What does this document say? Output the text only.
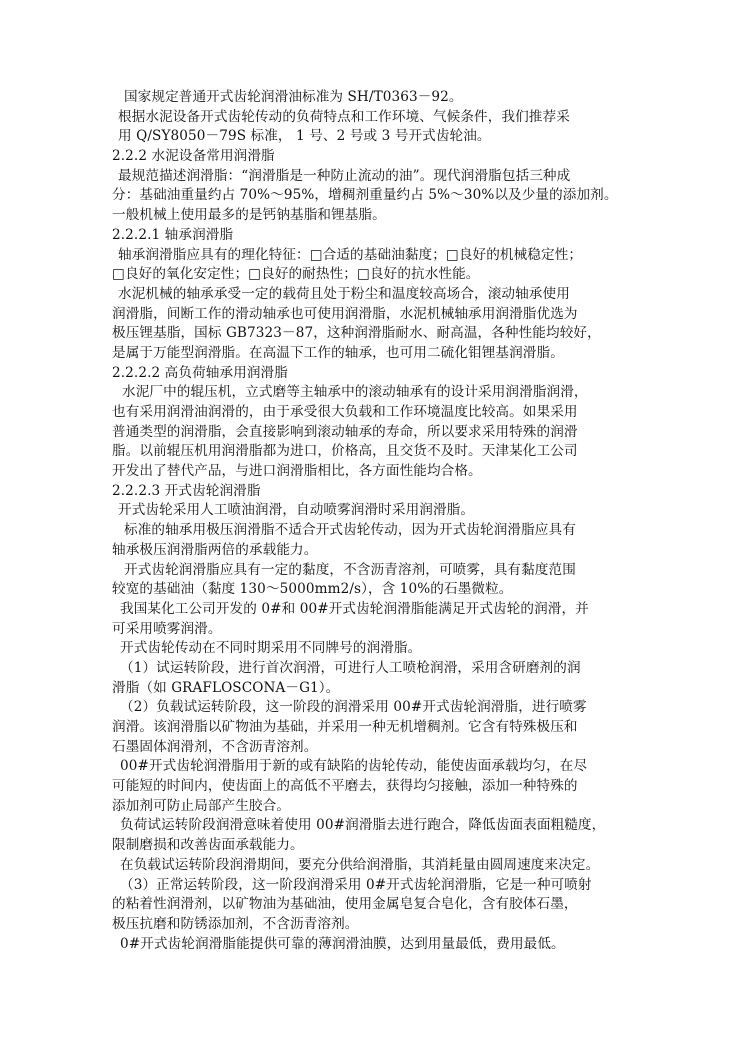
国家规定普通开式齿轮润滑油标准为 SH/T0363－92。
根据水泥设备开式齿轮传动的负荷特点和工作环境、气候条件，我们推荐采
用 Q/SY8050－79S 标准， 1 号、2 号或 3 号开式齿轮油。
2.2.2 水泥设备常用润滑脂
最规范描述润滑脂：“润滑脂是一种防止流动的油”。现代润滑脂包括三种成
分：基础油重量约占 70%～95%，增稠剂重量约占 5%～30%以及少量的添加剂。
一般机械上使用最多的是钙钠基脂和锂基脂。
2.2.2.1 轴承润滑脂
轴承润滑脂应具有的理化特征：□合适的基础油黏度；□良好的机械稳定性；
□良好的氧化安定性；□良好的耐热性；□良好的抗水性能。
水泥机械的轴承承受一定的载荷且处于粉尘和温度较高场合，滚动轴承使用
润滑脂，间断工作的滑动轴承也可使用润滑脂，水泥机械轴承用润滑脂优选为
极压锂基脂，国标 GB7323－87，这种润滑脂耐水、耐高温，各种性能均较好，
是属于万能型润滑脂。在高温下工作的轴承，也可用二硫化钼锂基润滑脂。
2.2.2.2 高负荷轴承用润滑脂
水泥厂中的辊压机，立式磨等主轴承中的滚动轴承有的设计采用润滑脂润滑，
也有采用润滑油润滑的，由于承受很大负载和工作环境温度比较高。如果采用
普通类型的润滑脂，会直接影响到滚动轴承的寿命，所以要求采用特殊的润滑
脂。以前辊压机用润滑脂都为进口，价格高，且交货不及时。天津某化工公司
开发出了替代产品，与进口润滑脂相比，各方面性能均合格。
2.2.2.3 开式齿轮润滑脂
开式齿轮采用人工喷油润滑，自动喷雾润滑时采用润滑脂。
标准的轴承用极压润滑脂不适合开式齿轮传动，因为开式齿轮润滑脂应具有
轴承极压润滑脂两倍的承载能力。
开式齿轮润滑脂应具有一定的黏度，不含沥青溶剂，可喷雾，具有黏度范围
较宽的基础油（黏度 130～5000mm2/s），含 10%的石墨微粒。
我国某化工公司开发的 0#和 00#开式齿轮润滑脂能满足开式齿轮的润滑，并
可采用喷雾润滑。
开式齿轮传动在不同时期采用不同牌号的润滑脂。
（1）试运转阶段，进行首次润滑，可进行人工喷枪润滑，采用含研磨剂的润
滑脂（如 GRAFLOSCONA－G1）。
（2）负载试运转阶段，这一阶段的润滑采用 00#开式齿轮润滑脂，进行喷雾
润滑。该润滑脂以矿物油为基础，并采用一种无机增稠剂。它含有特殊极压和
石墨固体润滑剂，不含沥青溶剂。
00#开式齿轮润滑脂用于新的或有缺陷的齿轮传动，能使齿面承载均匀，在尽
可能短的时间内，使齿面上的高低不平磨去，获得均匀接触，添加一种特殊的
添加剂可防止局部产生胶合。
负荷试运转阶段润滑意味着使用 00#润滑脂去进行跑合，降低齿面表面粗糙度，
限制磨损和改善齿面承载能力。
在负载试运转阶段润滑期间，要充分供给润滑脂，其消耗量由圆周速度来决定。
（3）正常运转阶段，这一阶段润滑采用 0#开式齿轮润滑脂，它是一种可喷射
的粘着性润滑剂，以矿物油为基础油，使用金属皂复合皂化，含有胶体石墨，
极压抗磨和防锈添加剂，不含沥青溶剂。
0#开式齿轮润滑脂能提供可靠的薄润滑油膜，达到用量最低，费用最低。
